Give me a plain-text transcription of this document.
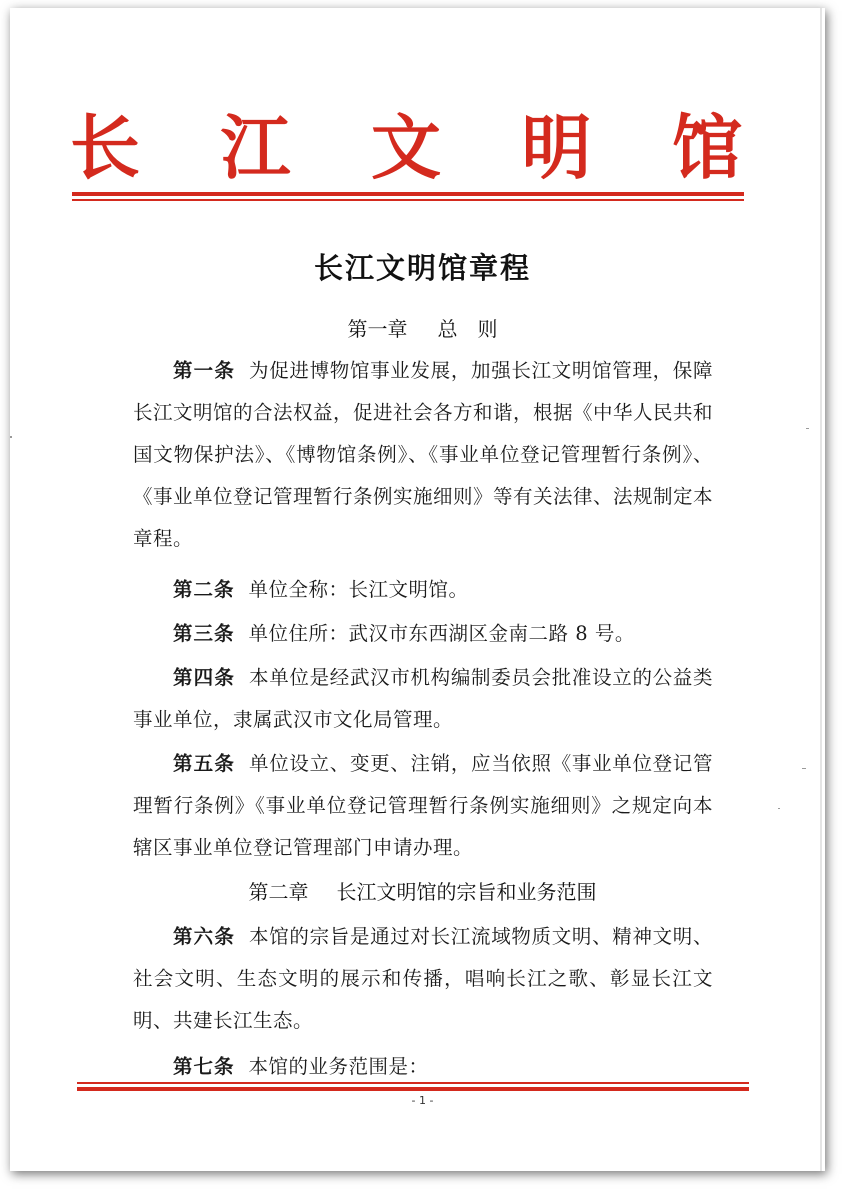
长 江 文 明 馆
长江文明馆章程
第一章 总　则
第一条 为促进博物馆事业发展，加强长江文明馆管理，保障长江文明馆的合法权益，促进社会各方和谐，根据《中华人民共和国文物保护法》、《博物馆条例》、《事业单位登记管理暂行条例》、《事业单位登记管理暂行条例实施细则》等有关法律、法规制定本章程。
第二条 单位全称：长江文明馆。
第三条 单位住所：武汉市东西湖区金南二路 8 号。
第四条 本单位是经武汉市机构编制委员会批准设立的公益类事业单位，隶属武汉市文化局管理。
第五条 单位设立、变更、注销，应当依照《事业单位登记管理暂行条例》《事业单位登记管理暂行条例实施细则》之规定向本辖区事业单位登记管理部门申请办理。
第二章 长江文明馆的宗旨和业务范围
第六条 本馆的宗旨是通过对长江流域物质文明、精神文明、社会文明、生态文明的展示和传播，唱响长江之歌、彰显长江文明、共建长江生态。
第七条 本馆的业务范围是：
- 1 -
